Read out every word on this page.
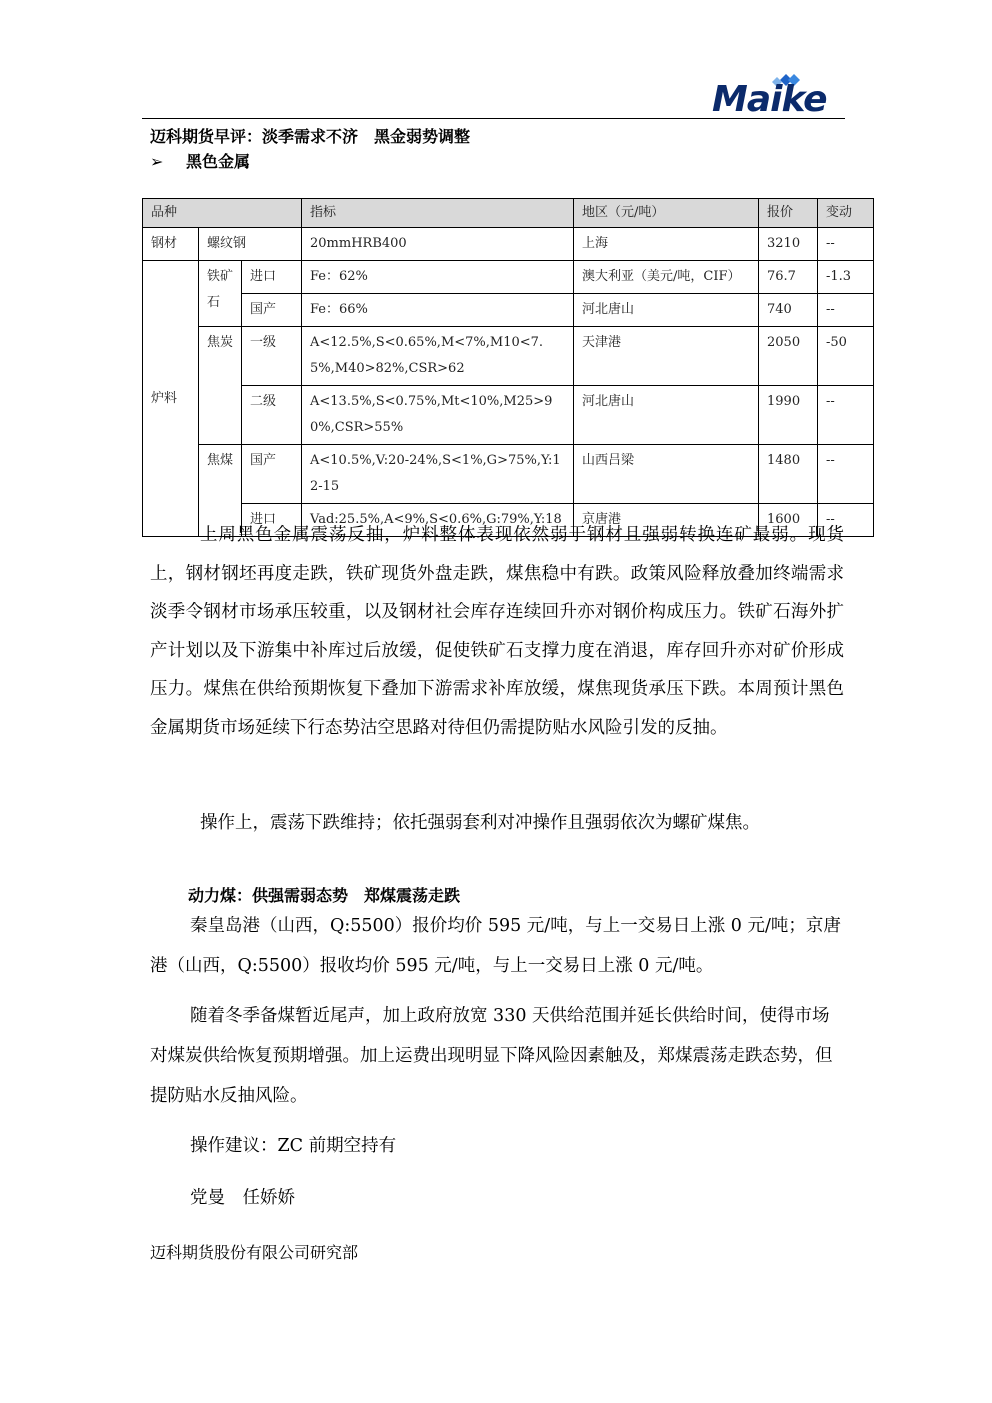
Maike
迈科期货早评：淡季需求不济　黑金弱势调整
➢ 黑色金属
品种			指标	地区（元/吨）	报价	变动
钢材	螺纹钢		20mmHRB400	上海	3210	--
炉料	铁矿石	进口	Fe：62%	澳大利亚（美元/吨，CIF）	76.7	-1.3
		国产	Fe：66%	河北唐山	740	--
	焦炭	一级	A<12.5%,S<0.65%,M<7%,M10<7.5%,M40>82%,CSR>62	天津港	2050	-50
		二级	A<13.5%,S<0.75%,Mt<10%,M25>90%,CSR>55%	河北唐山	1990	--
	焦煤	国产	A<10.5%,V:20-24%,S<1%,G>75%,Y:12-15	山西吕梁	1480	--
		进口	Vad:25.5%,A<9%,S<0.6%,G:79%,Y:18	京唐港	1600	--
上周黑色金属震荡反抽，炉料整体表现依然弱于钢材且强弱转换连矿最弱。现货上，钢材钢坯再度走跌，铁矿现货外盘走跌，煤焦稳中有跌。政策风险释放叠加终端需求淡季令钢材市场承压较重，以及钢材社会库存连续回升亦对钢价构成压力。铁矿石海外扩产计划以及下游集中补库过后放缓，促使铁矿石支撑力度在消退，库存回升亦对矿价形成压力。煤焦在供给预期恢复下叠加下游需求补库放缓，煤焦现货承压下跌。本周预计黑色金属期货市场延续下行态势沽空思路对待但仍需提防贴水风险引发的反抽。
操作上，震荡下跌维持；依托强弱套利对冲操作且强弱依次为螺矿煤焦。
动力煤：供强需弱态势　郑煤震荡走跌
秦皇岛港（山西，Q:5500）报价均价 595 元/吨，与上一交易日上涨 0 元/吨；京唐港（山西，Q:5500）报收均价 595 元/吨，与上一交易日上涨 0 元/吨。
随着冬季备煤暂近尾声，加上政府放宽 330 天供给范围并延长供给时间，使得市场对煤炭供给恢复预期增强。加上运费出现明显下降风险因素触及，郑煤震荡走跌态势，但提防贴水反抽风险。
操作建议：ZC 前期空持有
党曼　任娇娇
迈科期货股份有限公司研究部
